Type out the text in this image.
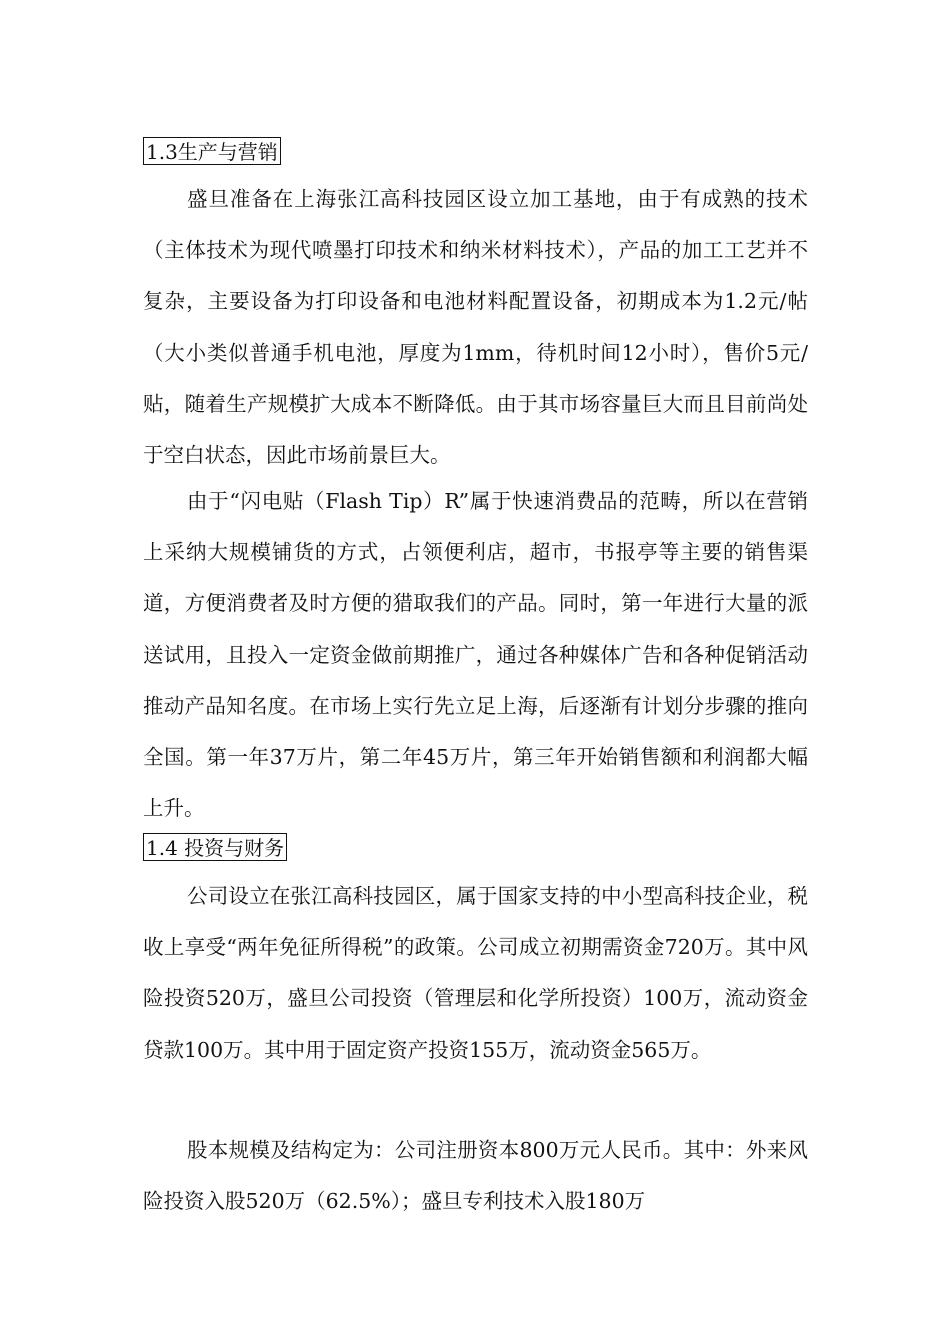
1.3生产与营销

盛旦准备在上海张江高科技园区设立加工基地，由于有成熟的技术（主体技术为现代喷墨打印技术和纳米材料技术），产品的加工工艺并不复杂，主要设备为打印设备和电池材料配置设备，初期成本为1.2元/帖（大小类似普通手机电池，厚度为1mm，待机时间12小时），售价5元/贴，随着生产规模扩大成本不断降低。由于其市场容量巨大而且目前尚处于空白状态，因此市场前景巨大。

由于“闪电贴（Flash Tip）R”属于快速消费品的范畴，所以在营销上采纳大规模铺货的方式，占领便利店，超市，书报亭等主要的销售渠道，方便消费者及时方便的猎取我们的产品。同时，第一年进行大量的派送试用，且投入一定资金做前期推广，通过各种媒体广告和各种促销活动推动产品知名度。在市场上实行先立足上海，后逐渐有计划分步骤的推向全国。第一年37万片，第二年45万片，第三年开始销售额和利润都大幅上升。

1.4 投资与财务

公司设立在张江高科技园区，属于国家支持的中小型高科技企业，税收上享受“两年免征所得税”的政策。公司成立初期需资金720万。其中风险投资520万，盛旦公司投资（管理层和化学所投资）100万，流动资金贷款100万。其中用于固定资产投资155万，流动资金565万。

股本规模及结构定为：公司注册资本800万元人民币。其中：外来风险投资入股520万（62.5%）；盛旦专利技术入股180万
